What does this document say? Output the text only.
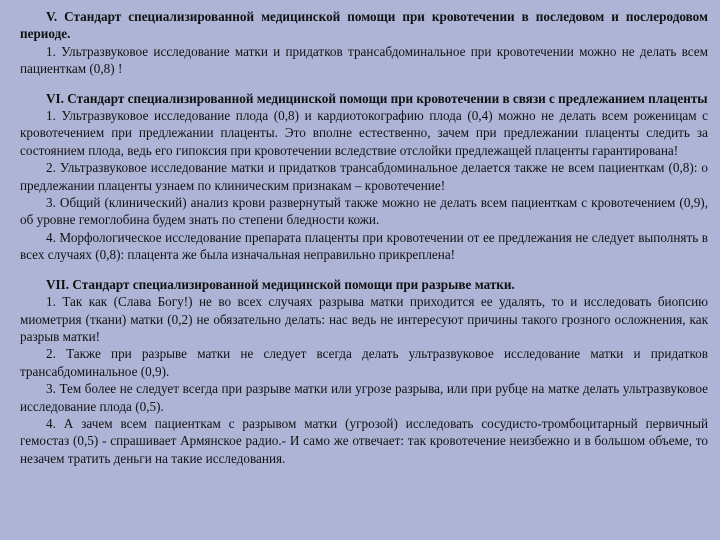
V. Стандарт специализированной медицинской помощи при кровотечении в последовом и послеродовом периоде.

1. Ультразвуковое исследование матки и придатков трансабдоминальное при кровотечении можно не делать всем пациенткам (0,8) !

VI. Стандарт специализированной медицинской помощи при кровотечении в связи с предлежанием плаценты

1. Ультразвуковое исследование плода (0,8) и кардиотокографию плода (0,4) можно не делать всем роженицам с кровотечением при предлежании плаценты. Это вполне естественно, зачем при предлежании плаценты следить за состоянием плода, ведь его гипоксия при кровотечении вследствие отслойки предлежащей плаценты гарантирована!

2. Ультразвуковое исследование матки и придатков трансабдоминальное делается также не всем пациенткам (0,8): о предлежании плаценты узнаем по клиническим признакам – кровотечение!

3. Общий (клинический) анализ крови развернутый также можно не делать всем пациенткам с кровотечением (0,9), об уровне гемоглобина будем знать по степени бледности кожи.

4. Морфологическое исследование препарата плаценты при кровотечении от ее предлежания не следует выполнять в всех случаях (0,8): плацента же была изначальная неправильно прикреплена!

VII. Стандарт специализированной медицинской помощи при разрыве матки.

1. Так как (Слава Богу!) не во всех случаях разрыва матки приходится ее удалять, то и исследовать биопсию миометрия (ткани) матки (0,2) не обязательно делать: нас ведь не интересуют причины такого грозного осложнения, как разрыв матки!

2. Также при разрыве матки не следует всегда делать ультразвуковое исследование матки и придатков трансабдоминальное (0,9).

3. Тем более не следует всегда при разрыве матки или угрозе разрыва, или при рубце на матке делать ультразвуковое исследование плода (0,5).

4. А зачем всем пациенткам с разрывом матки (угрозой) исследовать сосудисто-тромбоцитарный первичный гемостаз (0,5) - спрашивает Армянское радио.- И само же отвечает: так кровотечение неизбежно и в большом объеме, то незачем тратить деньги на такие исследования.
